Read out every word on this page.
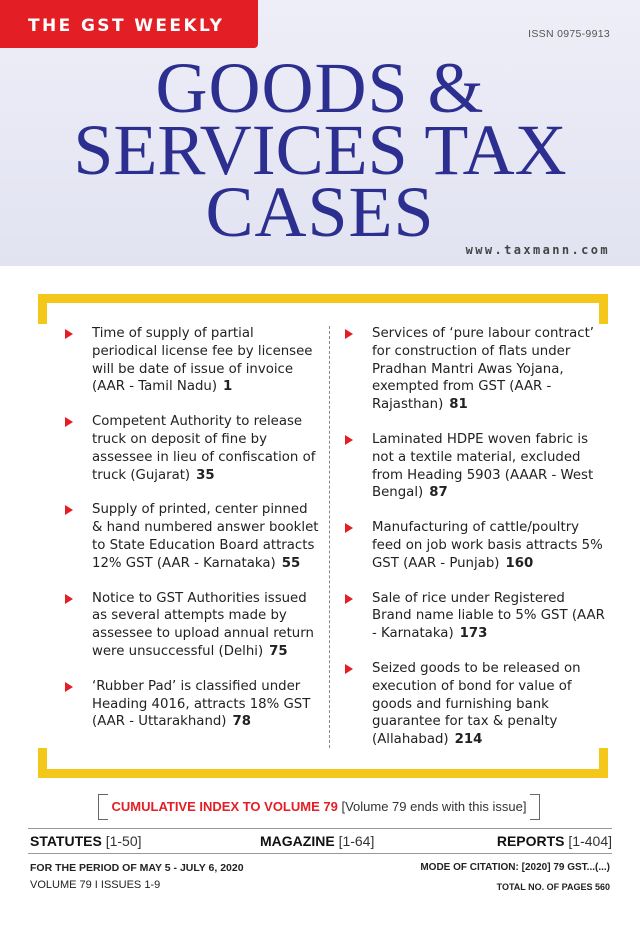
THE GST WEEKLY	ISSN 0975-9913
GOODS &
SERVICES TAX
CASES	www.taxmann.com
Time of supply of partial periodical license fee by licensee will be date of issue of invoice (AAR - Tamil Nadu) 1
Competent Authority to release truck on deposit of fine by assessee in lieu of confiscation of truck (Gujarat) 35
Supply of printed, center pinned & hand numbered answer booklet to State Education Board attracts 12% GST (AAR - Karnataka) 55
Notice to GST Authorities issued as several attempts made by assessee to upload annual return were unsuccessful (Delhi) 75
‘Rubber Pad’ is classified under Heading 4016, attracts 18% GST (AAR - Uttarakhand) 78
Services of ‘pure labour contract’ for construction of flats under Pradhan Mantri Awas Yojana, exempted from GST (AAR - Rajasthan) 81
Laminated HDPE woven fabric is not a textile material, excluded from Heading 5903 (AAAR - West Bengal) 87
Manufacturing of cattle/poultry feed on job work basis attracts 5% GST (AAR - Punjab) 160
Sale of rice under Registered Brand name liable to 5% GST (AAR - Karnataka) 173
Seized goods to be released on execution of bond for value of goods and furnishing bank guarantee for tax & penalty (Allahabad) 214
CUMULATIVE INDEX TO VOLUME 79 [Volume 79 ends with this issue]
STATUTES [1-50]	MAGAZINE [1-64]	REPORTS [1-404]
FOR THE PERIOD OF MAY 5 - JULY 6, 2020
VOLUME 79 I ISSUES 1-9
MODE OF CITATION: [2020] 79 GST...(...)
TOTAL NO. OF PAGES 560
